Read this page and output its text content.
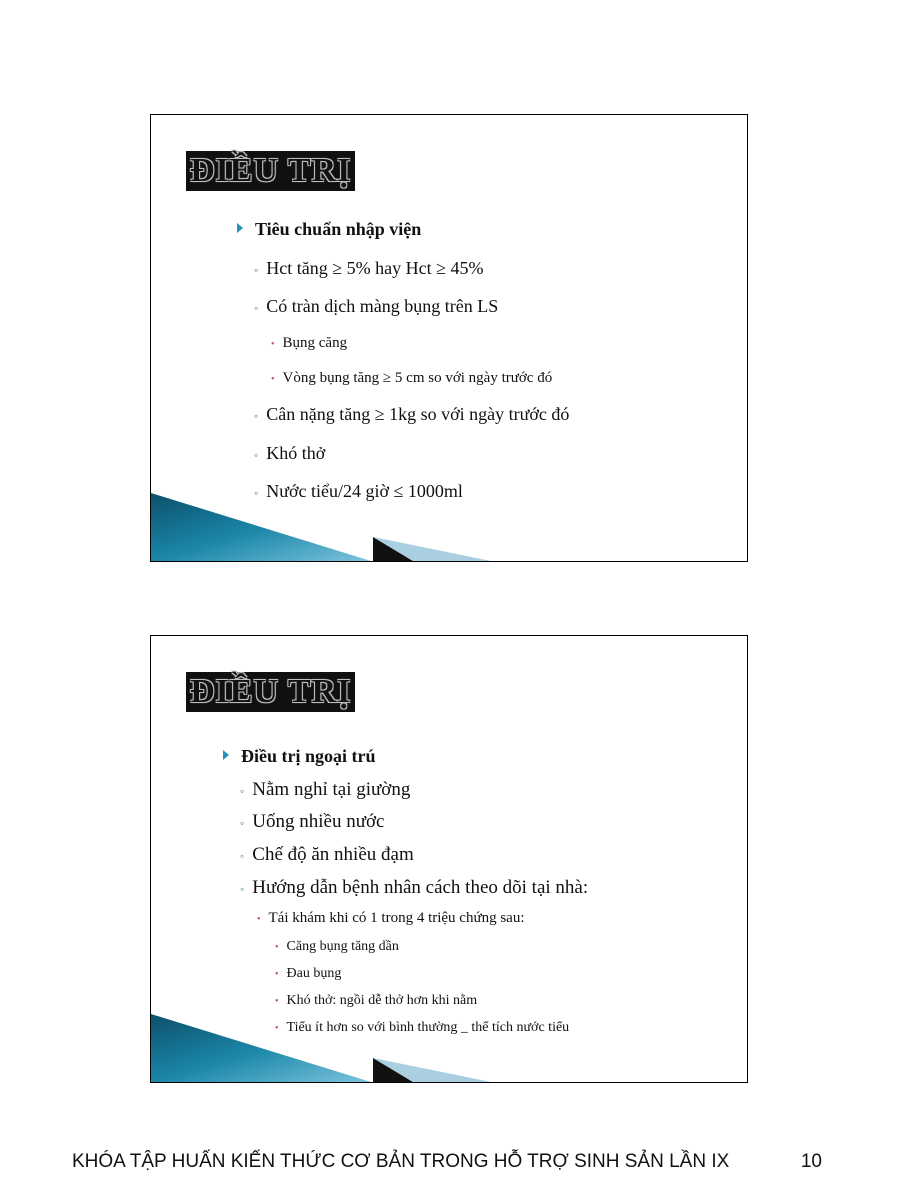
ĐIỀU TRỊ
Tiêu chuẩn nhập viện
◦ Hct tăng ≥ 5% hay Hct ≥ 45%
◦ Có tràn dịch màng bụng trên LS
• Bụng căng
• Vòng bụng tăng ≥ 5 cm so với ngày trước đó
◦ Cân nặng tăng ≥ 1kg so với ngày trước đó
◦ Khó thở
◦ Nước tiểu/24 giờ ≤ 1000ml
ĐIỀU TRỊ
Điều trị ngoại trú
◦ Nằm nghỉ tại giường
◦ Uống nhiều nước
◦ Chế độ ăn nhiều đạm
◦ Hướng dẫn bệnh nhân cách theo dõi tại nhà:
• Tái khám khi có 1 trong 4 triệu chứng sau:
• Căng bụng tăng dần
• Đau bụng
• Khó thở: ngồi dễ thở hơn khi nằm
• Tiểu ít hơn so với bình thường _ thể tích nước tiểu
KHÓA TẬP HUẤN KIẾN THỨC CƠ BẢN TRONG HỖ TRỢ SINH SẢN LẦN IX	10
